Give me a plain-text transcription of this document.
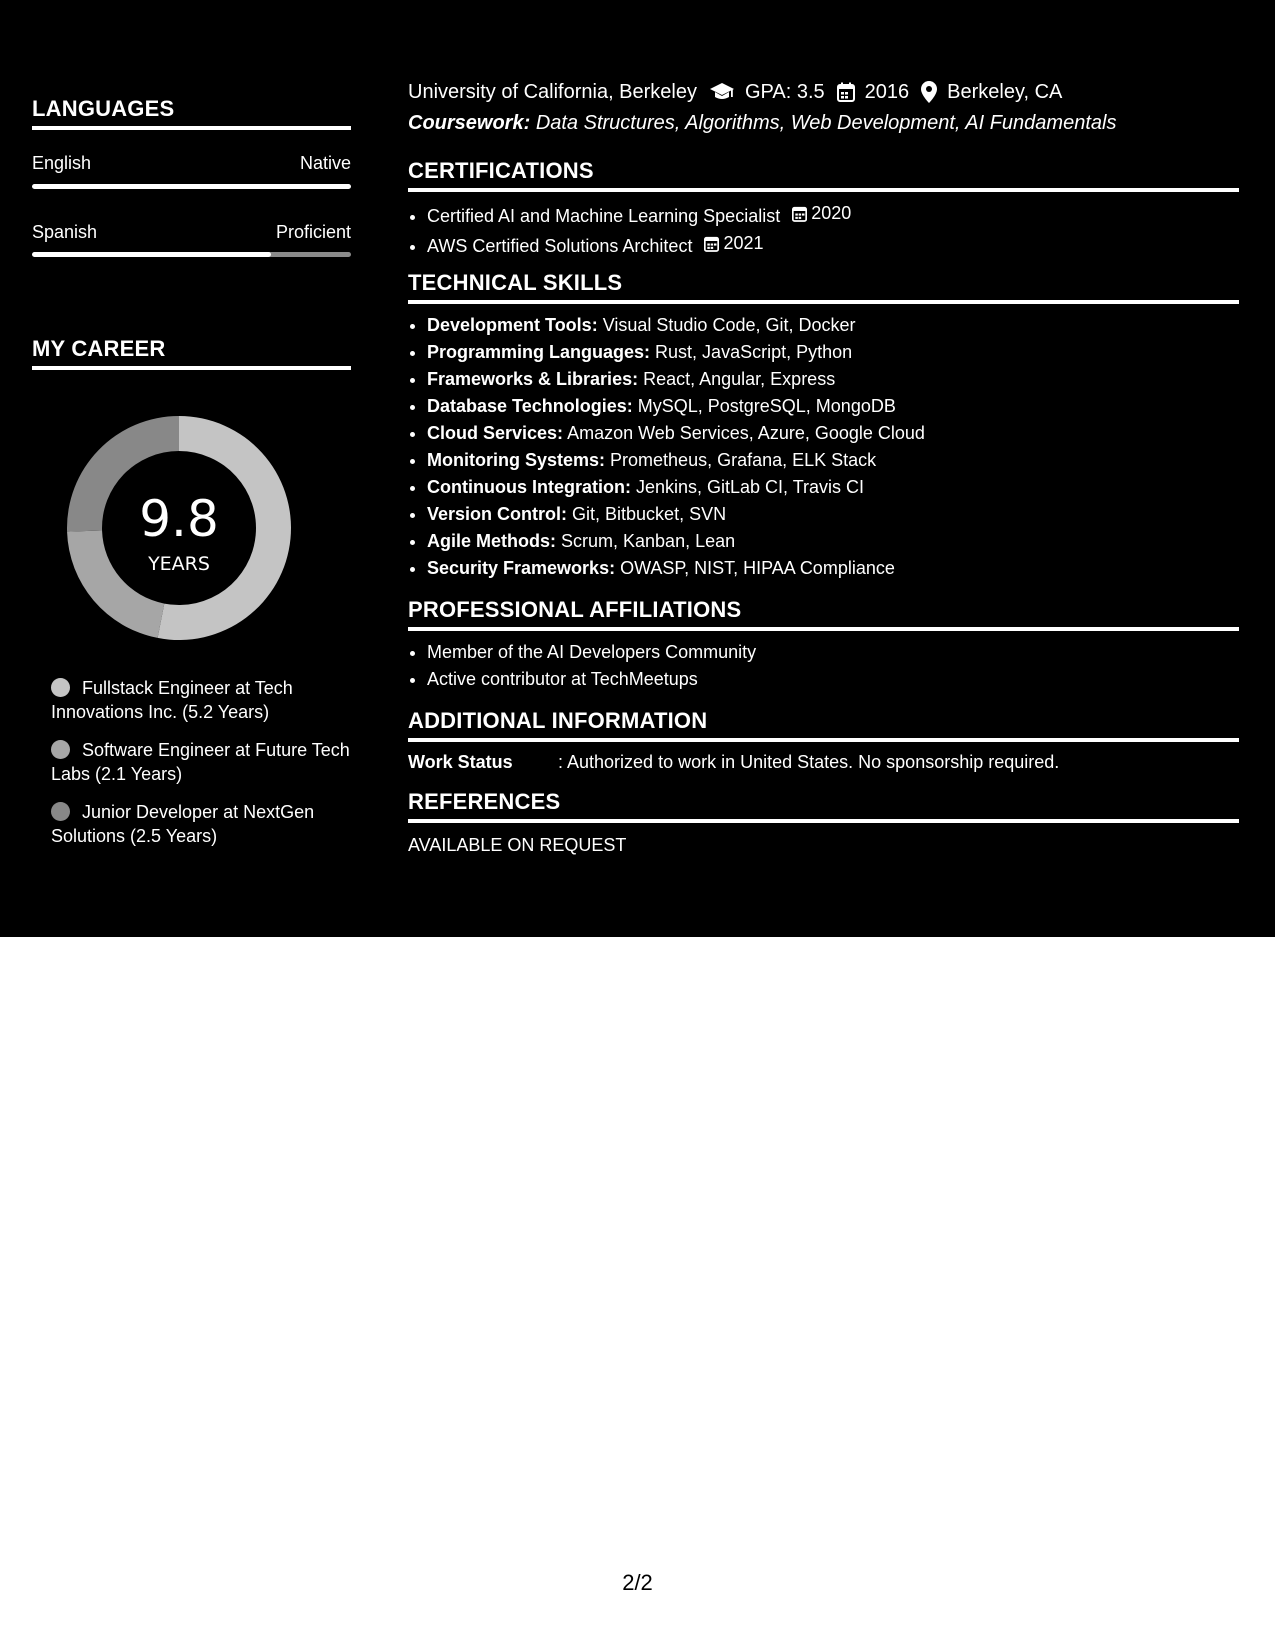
LANGUAGES
English	Native
Spanish	Proficient
MY CAREER
9.8
YEARS
Fullstack Engineer at Tech Innovations Inc. (5.2 Years)
Software Engineer at Future Tech Labs (2.1 Years)
Junior Developer at NextGen Solutions (2.5 Years)
University of California, Berkeley GPA: 3.5 2016 Berkeley, CA
Coursework: Data Structures, Algorithms, Web Development, AI Fundamentals
CERTIFICATIONS
• Certified AI and Machine Learning Specialist 2020
• AWS Certified Solutions Architect 2021
TECHNICAL SKILLS
• Development Tools: Visual Studio Code, Git, Docker
• Programming Languages: Rust, JavaScript, Python
• Frameworks & Libraries: React, Angular, Express
• Database Technologies: MySQL, PostgreSQL, MongoDB
• Cloud Services: Amazon Web Services, Azure, Google Cloud
• Monitoring Systems: Prometheus, Grafana, ELK Stack
• Continuous Integration: Jenkins, GitLab CI, Travis CI
• Version Control: Git, Bitbucket, SVN
• Agile Methods: Scrum, Kanban, Lean
• Security Frameworks: OWASP, NIST, HIPAA Compliance
PROFESSIONAL AFFILIATIONS
• Member of the AI Developers Community
• Active contributor at TechMeetups
ADDITIONAL INFORMATION
Work Status	: Authorized to work in United States. No sponsorship required.
REFERENCES
AVAILABLE ON REQUEST
2/2
